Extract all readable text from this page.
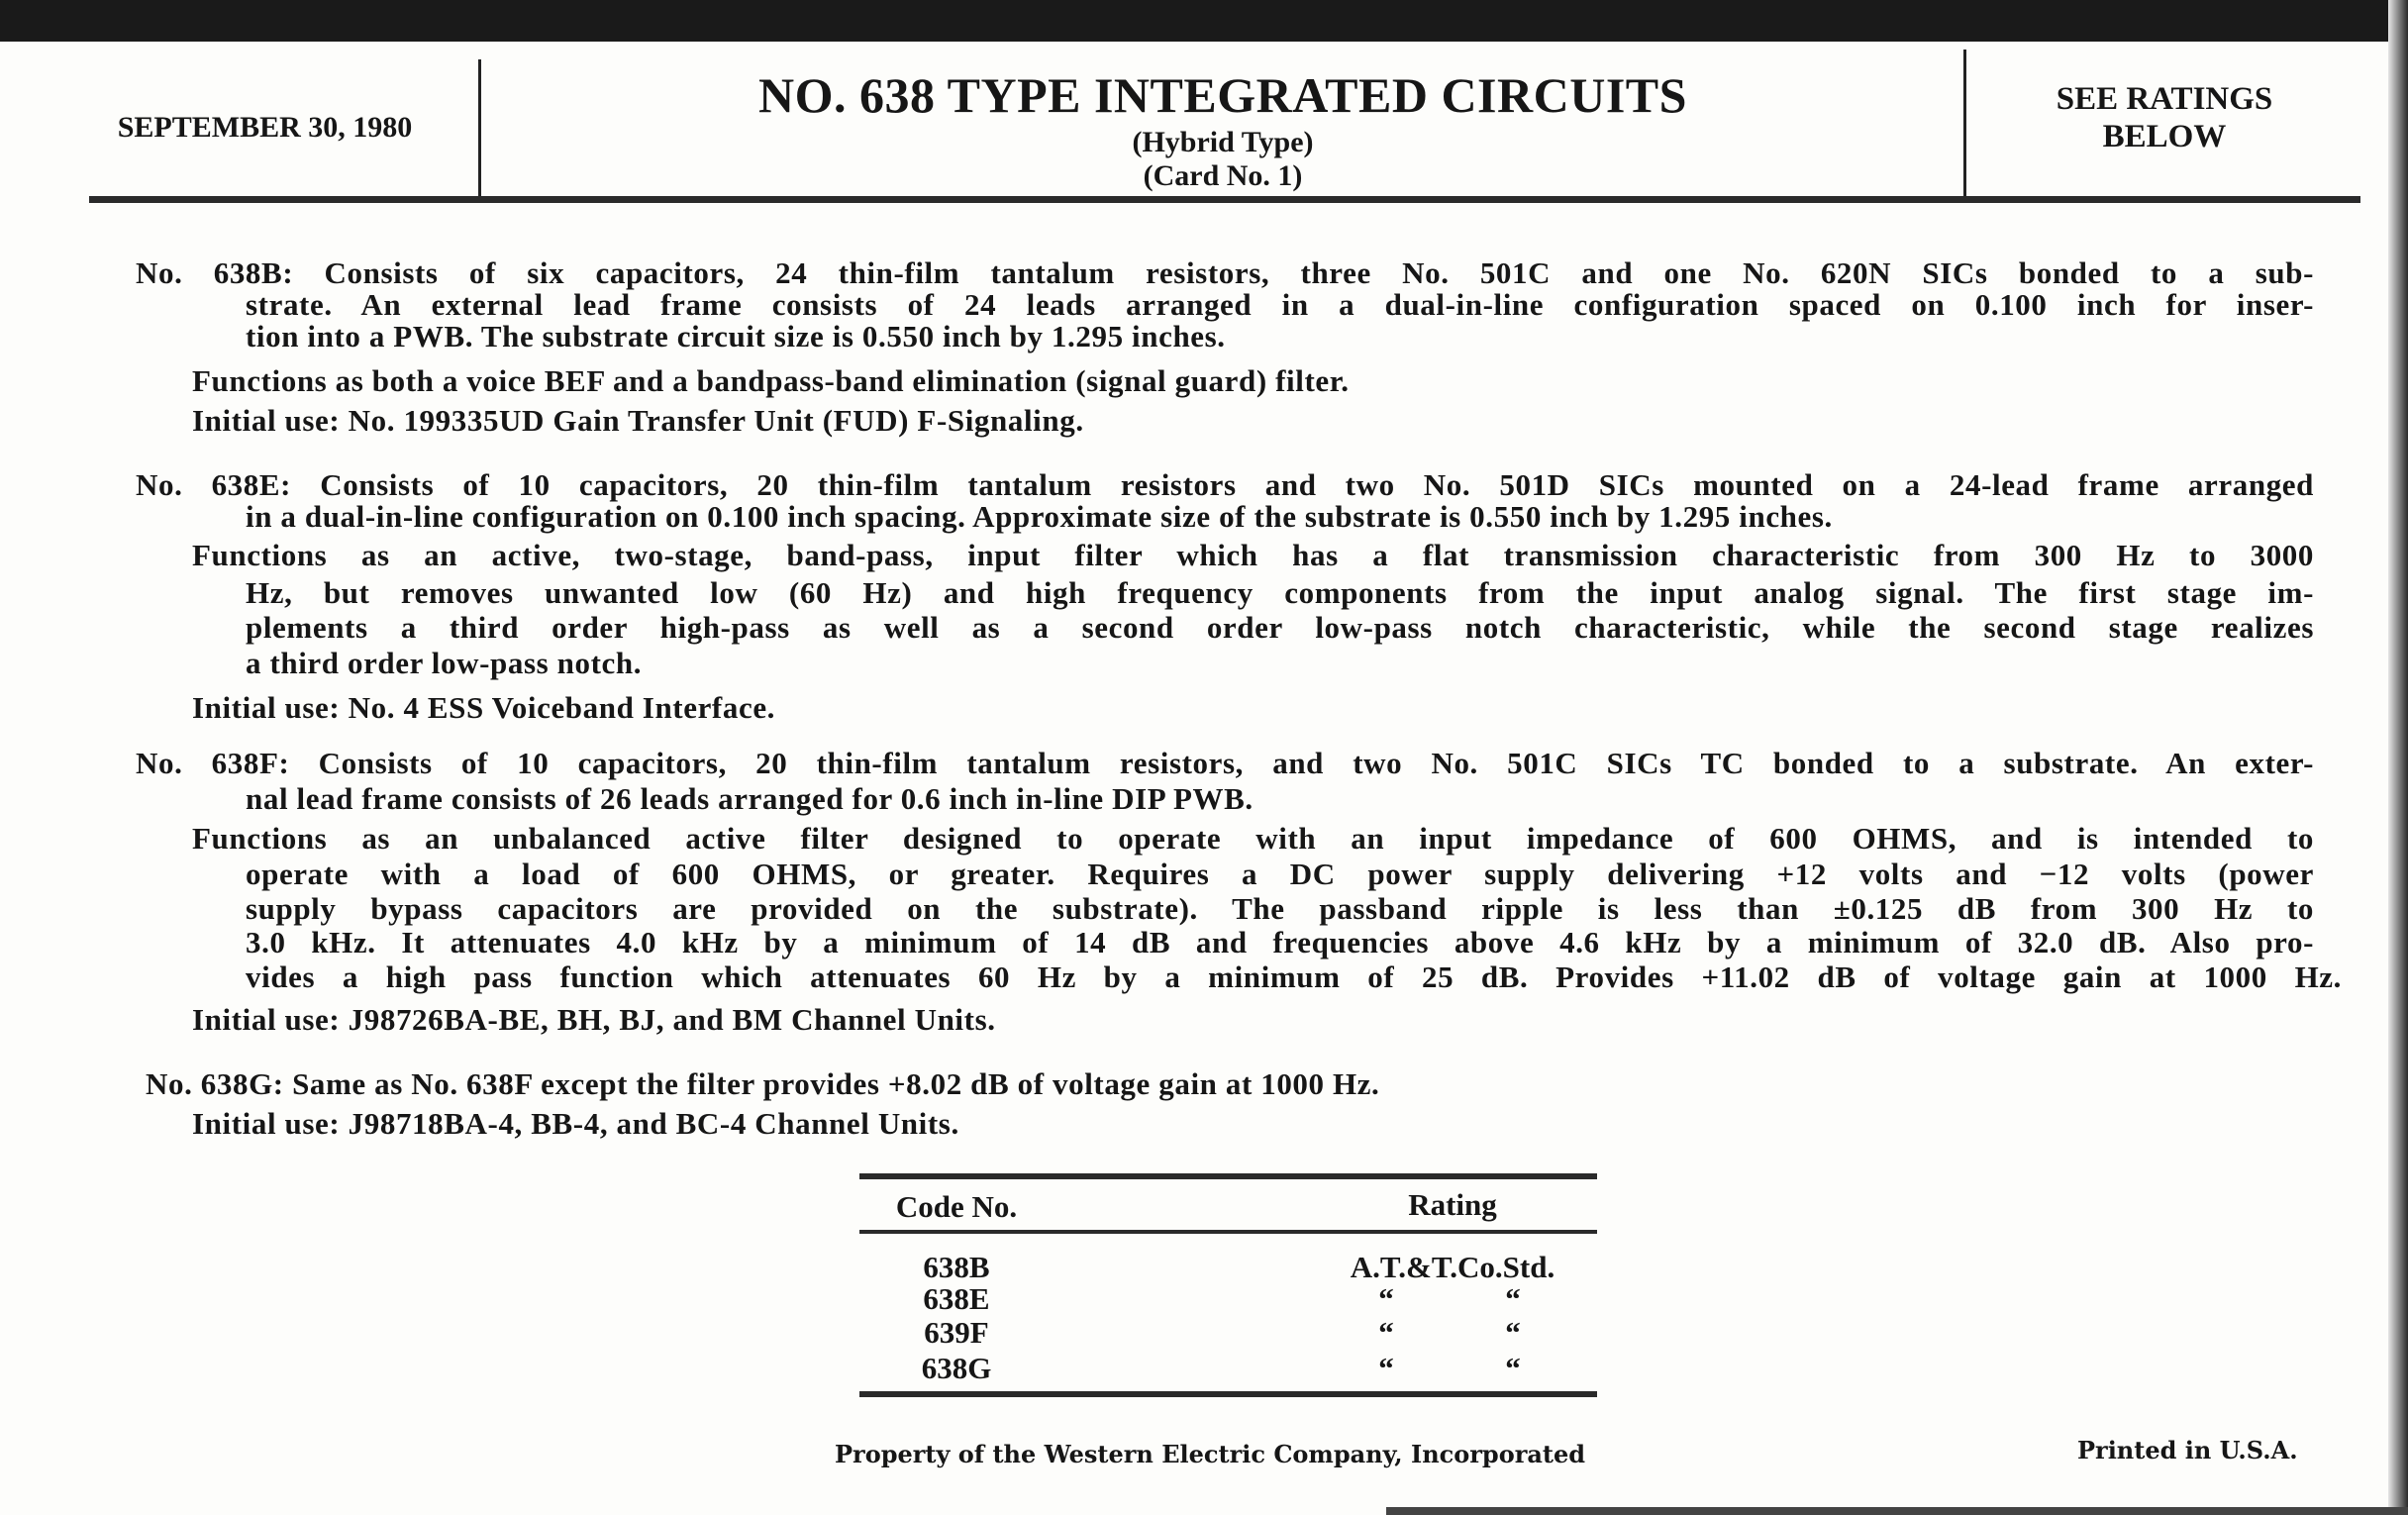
SEPTEMBER 30, 1980
NO. 638 TYPE INTEGRATED CIRCUITS
(Hybrid Type)
(Card No. 1)
SEE RATINGS
BELOW
No. 638B: Consists of six capacitors, 24 thin-film tantalum resistors, three No. 501C and one No. 620N SICs bonded to a sub-
strate. An external lead frame consists of 24 leads arranged in a dual-in-line configuration spaced on 0.100 inch for inser-
tion into a PWB. The substrate circuit size is 0.550 inch by 1.295 inches.
Functions as both a voice BEF and a bandpass-band elimination (signal guard) filter.
Initial use: No. 199335UD Gain Transfer Unit (FUD) F-Signaling.
No. 638E: Consists of 10 capacitors, 20 thin-film tantalum resistors and two No. 501D SICs mounted on a 24-lead frame arranged
in a dual-in-line configuration on 0.100 inch spacing. Approximate size of the substrate is 0.550 inch by 1.295 inches.
Functions as an active, two-stage, band-pass, input filter which has a flat transmission characteristic from 300 Hz to 3000
Hz, but removes unwanted low (60 Hz) and high frequency components from the input analog signal. The first stage im-
plements a third order high-pass as well as a second order low-pass notch characteristic, while the second stage realizes
a third order low-pass notch.
Initial use: No. 4 ESS Voiceband Interface.
No. 638F: Consists of 10 capacitors, 20 thin-film tantalum resistors, and two No. 501C SICs TC bonded to a substrate. An exter-
nal lead frame consists of 26 leads arranged for 0.6 inch in-line DIP PWB.
Functions as an unbalanced active filter designed to operate with an input impedance of 600 OHMS, and is intended to
operate with a load of 600 OHMS, or greater. Requires a DC power supply delivering +12 volts and −12 volts (power
supply bypass capacitors are provided on the substrate). The passband ripple is less than ±0.125 dB from 300 Hz to
3.0 kHz. It attenuates 4.0 kHz by a minimum of 14 dB and frequencies above 4.6 kHz by a minimum of 32.0 dB. Also pro-
vides a high pass function which attenuates 60 Hz by a minimum of 25 dB. Provides +11.02 dB of voltage gain at 1000 Hz.
Initial use: J98726BA-BE, BH, BJ, and BM Channel Units.
No. 638G: Same as No. 638F except the filter provides +8.02 dB of voltage gain at 1000 Hz.
Initial use: J98718BA-4, BB-4, and BC-4 Channel Units.
Code No.	Rating
638B	A.T.&T.Co.Std.
638E	“	“
639F	“	“
638G	“	“
Property of the Western Electric Company, Incorporated	Printed in U.S.A.
